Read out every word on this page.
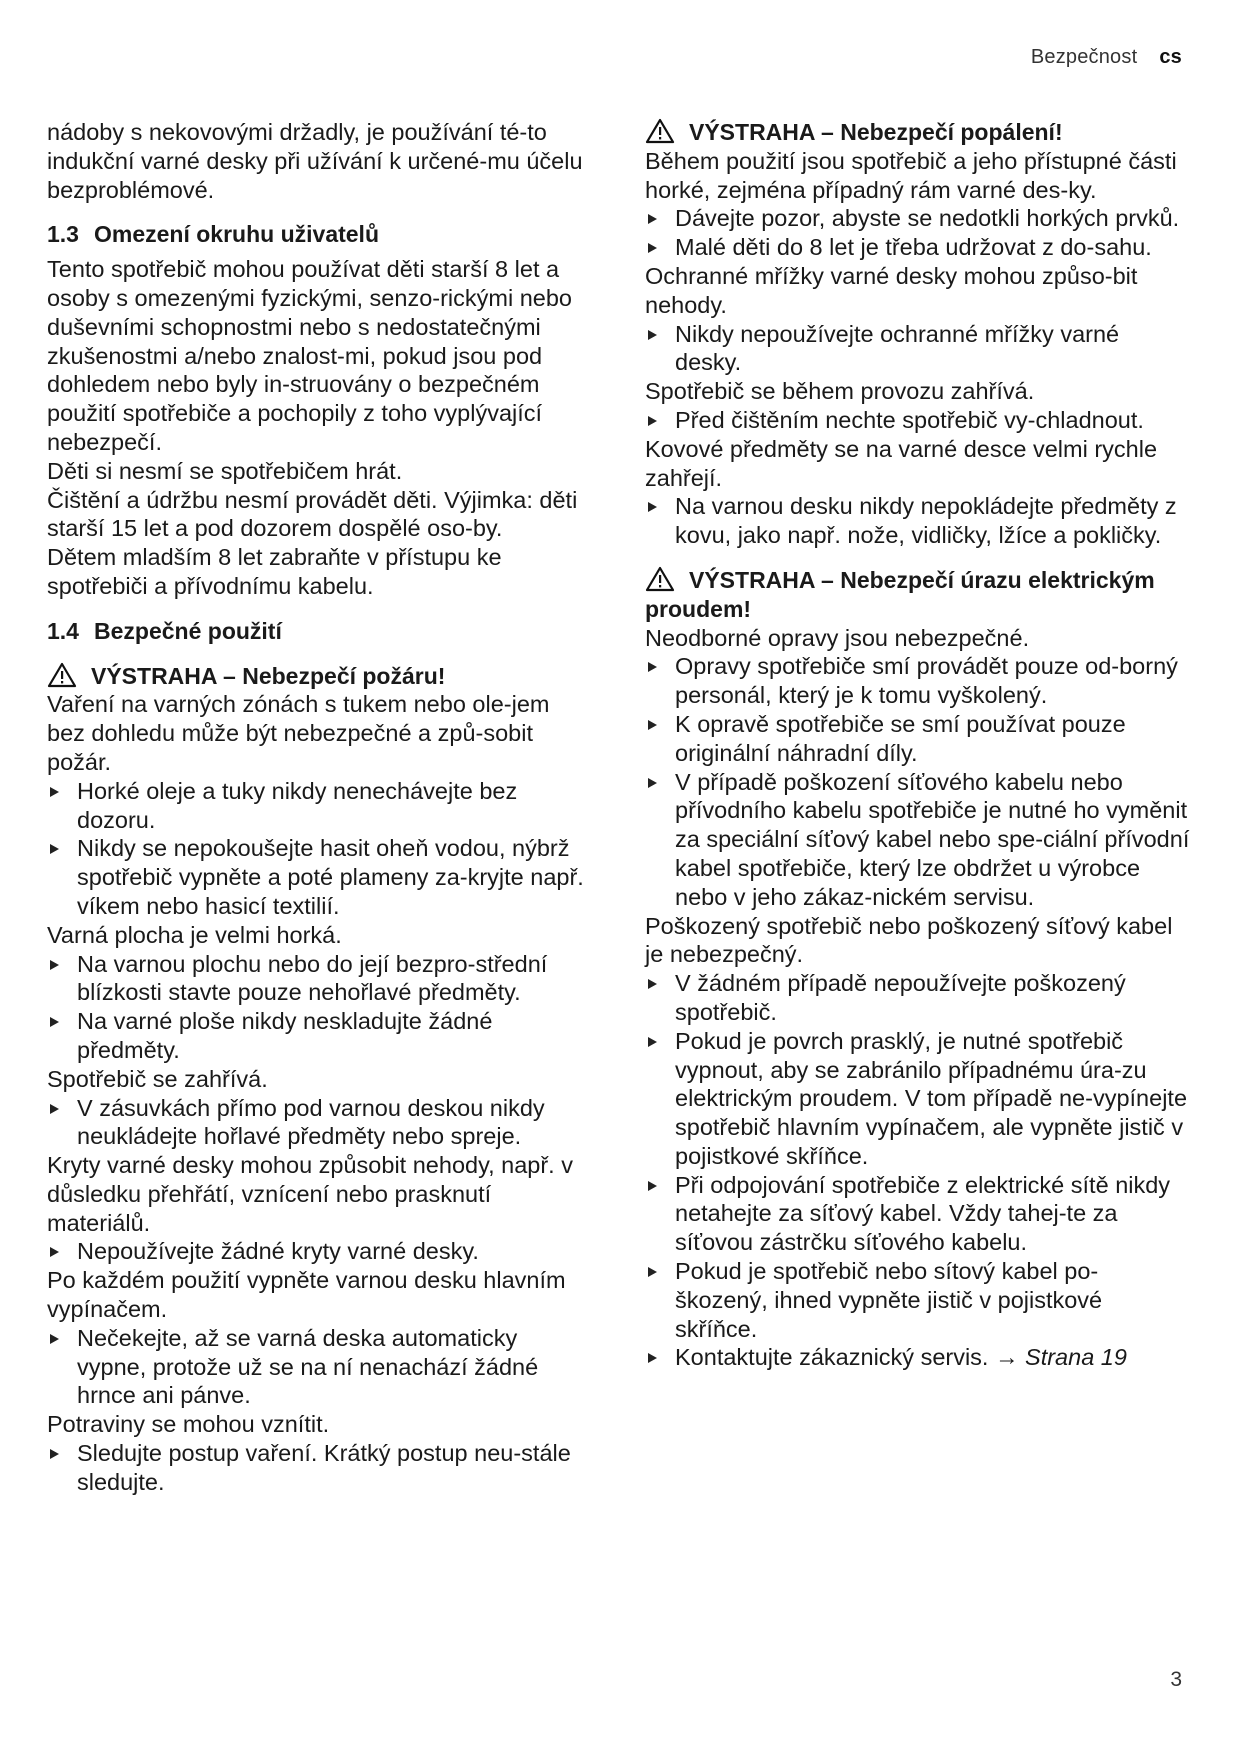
Bezpečnost cs

nádoby s nekovovými držadly, je používání té-to indukční varné desky při užívání k určené-mu účelu bezproblémové.

1.3 Omezení okruhu uživatelů

Tento spotřebič mohou používat děti starší 8 let a osoby s omezenými fyzickými, senzo-rickými nebo duševními schopnostmi nebo s nedostatečnými zkušenostmi a/nebo znalost-mi, pokud jsou pod dohledem nebo byly in-struovány o bezpečném použití spotřebiče a pochopily z toho vyplývající nebezpečí.

Děti si nesmí se spotřebičem hrát.

Čištění a údržbu nesmí provádět děti. Výjimka: děti starší 15 let a pod dozorem dospělé oso-by.

Dětem mladším 8 let zabraňte v přístupu ke spotřebiči a přívodnímu kabelu.

1.4 Bezpečné použití

VÝSTRAHA – Nebezpečí požáru!

Vaření na varných zónách s tukem nebo ole-jem bez dohledu může být nebezpečné a způ-sobit požár.

Horké oleje a tuky nikdy nenechávejte bez dozoru.
Nikdy se nepokoušejte hasit oheň vodou, nýbrž spotřebič vypněte a poté plameny za-kryjte např. víkem nebo hasicí textilií.

Varná plocha je velmi horká.

Na varnou plochu nebo do její bezpro-střední blízkosti stavte pouze nehořlavé předměty.
Na varné ploše nikdy neskladujte žádné předměty.

Spotřebič se zahřívá.

V zásuvkách přímo pod varnou deskou nikdy neukládejte hořlavé předměty nebo spreje.

Kryty varné desky mohou způsobit nehody, např. v důsledku přehřátí, vznícení nebo prasknutí materiálů.

Nepoužívejte žádné kryty varné desky.

Po každém použití vypněte varnou desku hlavním vypínačem.

Nečekejte, až se varná deska automaticky vypne, protože už se na ní nenachází žádné hrnce ani pánve.

Potraviny se mohou vznítit.

Sledujte postup vaření. Krátký postup neu-stále sledujte.

VÝSTRAHA – Nebezpečí popálení!

Během použití jsou spotřebič a jeho přístupné části horké, zejména případný rám varné des-ky.

Dávejte pozor, abyste se nedotkli horkých prvků.
Malé děti do 8 let je třeba udržovat z do-sahu.

Ochranné mřížky varné desky mohou způso-bit nehody.

Nikdy nepoužívejte ochranné mřížky varné desky.

Spotřebič se během provozu zahřívá.

Před čištěním nechte spotřebič vy-chladnout.

Kovové předměty se na varné desce velmi rychle zahřejí.

Na varnou desku nikdy nepokládejte předměty z kovu, jako např. nože, vidličky, lžíce a pokličky.

VÝSTRAHA – Nebezpečí úrazu elektrickým proudem!

Neodborné opravy jsou nebezpečné.

Opravy spotřebiče smí provádět pouze od-borný personál, který je k tomu vyškolený.
K opravě spotřebiče se smí používat pouze originální náhradní díly.
V případě poškození síťového kabelu nebo přívodního kabelu spotřebiče je nutné ho vyměnit za speciální síťový kabel nebo spe-ciální přívodní kabel spotřebiče, který lze obdržet u výrobce nebo v jeho zákaz-nickém servisu.

Poškozený spotřebič nebo poškozený síťový kabel je nebezpečný.

V žádném případě nepoužívejte poškozený spotřebič.
Pokud je povrch prasklý, je nutné spotřebič vypnout, aby se zabránilo případnému úra-zu elektrickým proudem. V tom případě ne-vypínejte spotřebič hlavním vypínačem, ale vypněte jistič v pojistkové skříňce.
Při odpojování spotřebiče z elektrické sítě nikdy netahejte za síťový kabel. Vždy tahej-te za síťovou zástrčku síťového kabelu.
Pokud je spotřebič nebo sítový kabel po-škozený, ihned vypněte jistič v pojistkové skříňce.
Kontaktujte zákaznický servis. → Strana 19
3
